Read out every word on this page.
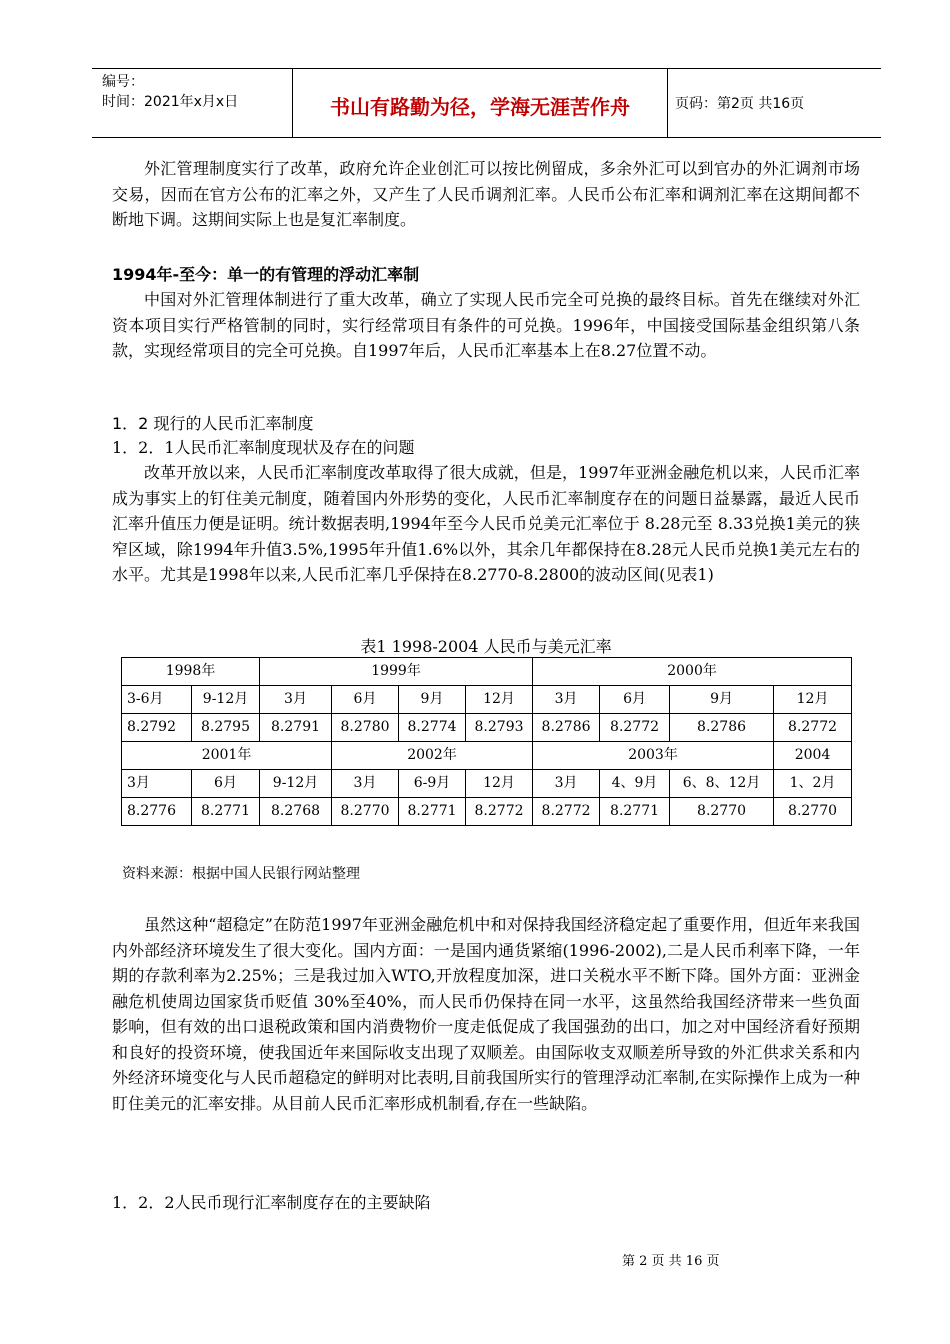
编号：
时间：2021年x月x日	书山有路勤为径，学海无涯苦作舟	页码：第2页 共16页

外汇管理制度实行了改革，政府允许企业创汇可以按比例留成，多余外汇可以到官办的外汇调剂市场交易，因而在官方公布的汇率之外，又产生了人民币调剂汇率。人民币公布汇率和调剂汇率在这期间都不断地下调。这期间实际上也是复汇率制度。

1994年-至今：单一的有管理的浮动汇率制

中国对外汇管理体制进行了重大改革，确立了实现人民币完全可兑换的最终目标。首先在继续对外汇资本项目实行严格管制的同时，实行经常项目有条件的可兑换。1996年，中国接受国际基金组织第八条款，实现经常项目的完全可兑换。自1997年后，人民币汇率基本上在8.27位置不动。

1．2 现行的人民币汇率制度

1．2．1人民币汇率制度现状及存在的问题

改革开放以来，人民币汇率制度改革取得了很大成就，但是，1997年亚洲金融危机以来，人民币汇率成为事实上的钉住美元制度，随着国内外形势的变化，人民币汇率制度存在的问题日益暴露，最近人民币汇率升值压力便是证明。统计数据表明,1994年至今人民币兑美元汇率位于 8.28元至 8.33兑换1美元的狭窄区域，除1994年升值3.5%,1995年升值1.6%以外，其余几年都保持在8.28元人民币兑换1美元左右的水平。尤其是1998年以来,人民币汇率几乎保持在8.2770-8.2800的波动区间(见表1)

表1 1998-2004 人民币与美元汇率
1998年		1999年				2000年			
3-6月	9-12月	3月	6月	9月	12月	3月	6月	9月	12月
8.2792	8.2795	8.2791	8.2780	8.2774	8.2793	8.2786	8.2772	8.2786	8.2772
2001年			2002年			2003年			2004
3月	6月	9-12月	3月	6-9月	12月	3月	4、9月	6、8、12月	1、2月
8.2776	8.2771	8.2768	8.2770	8.2771	8.2772	8.2772	8.2771	8.2770	8.2770
资料来源：根据中国人民银行网站整理

虽然这种“超稳定”在防范1997年亚洲金融危机中和对保持我国经济稳定起了重要作用，但近年来我国内外部经济环境发生了很大变化。国内方面：一是国内通货紧缩(1996-2002),二是人民币利率下降，一年期的存款利率为2.25%；三是我过加入WTO,开放程度加深，进口关税水平不断下降。国外方面：亚洲金融危机使周边国家货币贬值 30%至40%，而人民币仍保持在同一水平，这虽然给我国经济带来一些负面影响，但有效的出口退税政策和国内消费物价一度走低促成了我国强劲的出口，加之对中国经济看好预期和良好的投资环境，使我国近年来国际收支出现了双顺差。由国际收支双顺差所导致的外汇供求关系和内外经济环境变化与人民币超稳定的鲜明对比表明,目前我国所实行的管理浮动汇率制,在实际操作上成为一种盯住美元的汇率安排。从目前人民币汇率形成机制看,存在一些缺陷。

1．2．2人民币现行汇率制度存在的主要缺陷

第 2 页 共 16 页
